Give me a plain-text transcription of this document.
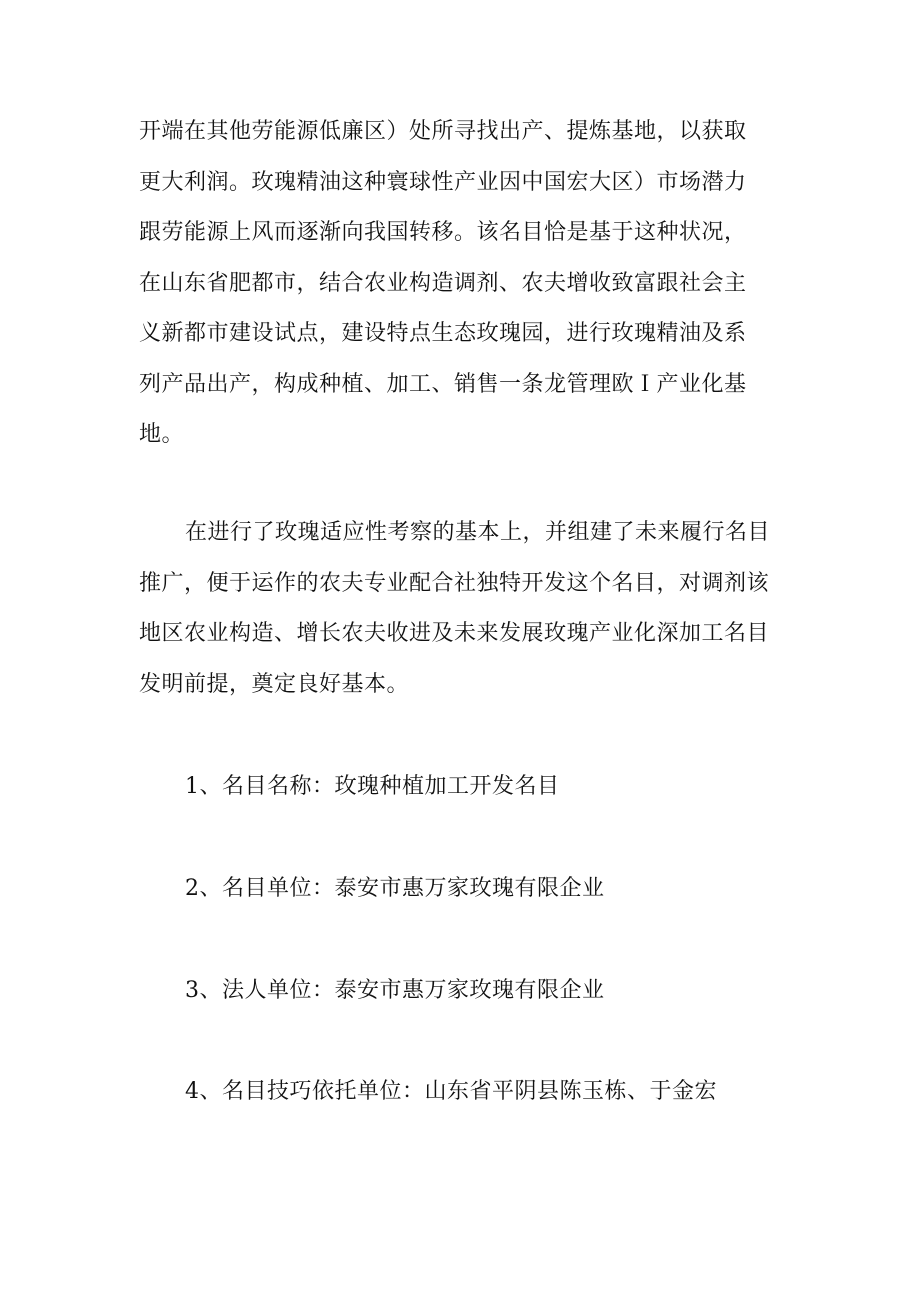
开端在其他劳能源低廉区）处所寻找出产、提炼基地，以获取
更大利润。玫瑰精油这种寰球性产业因中国宏大区）市场潜力
跟劳能源上风而逐渐向我国转移。该名目恰是基于这种状况，
在山东省肥都市，结合农业构造调剂、农夫增收致富跟社会主
义新都市建设试点，建设特点生态玫瑰园，进行玫瑰精油及系
列产品出产，构成种植、加工、销售一条龙管理欧Ｉ产业化基
地。

在进行了玫瑰适应性考察的基本上，并组建了未来履行名目
推广，便于运作的农夫专业配合社独特开发这个名目，对调剂该
地区农业构造、增长农夫收进及未来发展玫瑰产业化深加工名目
发明前提，奠定良好基本。

1、名目名称：玫瑰种植加工开发名目

2、名目单位：泰安市惠万家玫瑰有限企业

3、法人单位：泰安市惠万家玫瑰有限企业

4、名目技巧依托单位：山东省平阴县陈玉栋、于金宏
